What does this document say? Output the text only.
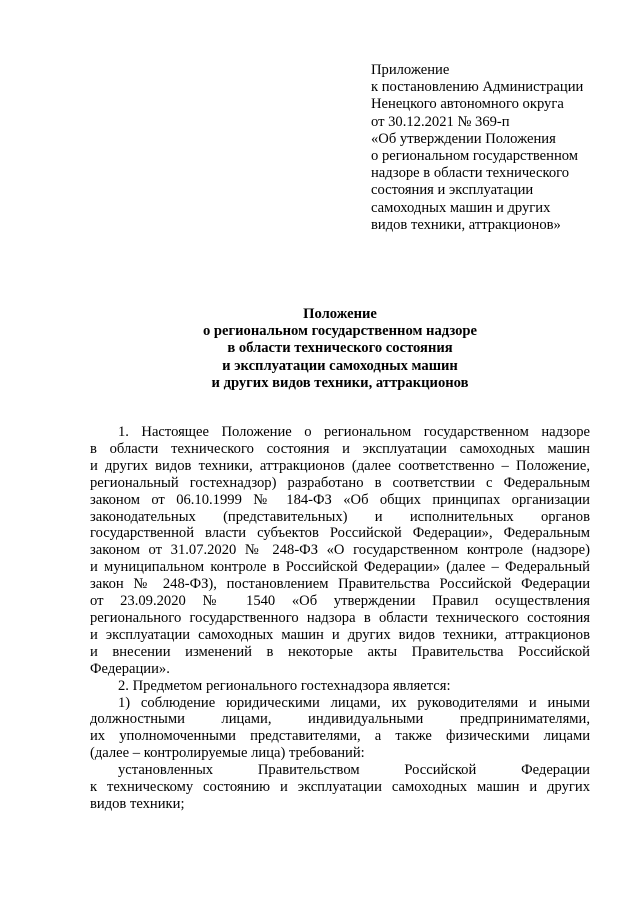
Приложение
к постановлению Администрации
Ненецкого автономного округа
от 30.12.2021 № 369-п
«Об утверждении Положения
о региональном государственном
надзоре в области технического
состояния и эксплуатации
самоходных машин и других
видов техники, аттракционов»
Положение
о региональном государственном надзоре
в области технического состояния
и эксплуатации самоходных машин
и других видов техники, аттракционов
1. Настоящее Положение о региональном государственном надзоре
в области технического состояния и эксплуатации самоходных машин
и других видов техники, аттракционов (далее соответственно – Положение,
региональный гостехнадзор) разработано в соответствии с Федеральным
законом от 06.10.1999 № 184-ФЗ «Об общих принципах организации
законодательных (представительных) и исполнительных органов
государственной власти субъектов Российской Федерации», Федеральным
законом от 31.07.2020 № 248-ФЗ «О государственном контроле (надзоре)
и муниципальном контроле в Российской Федерации» (далее – Федеральный
закон № 248-ФЗ), постановлением Правительства Российской Федерации
от 23.09.2020 № 1540 «Об утверждении Правил осуществления
регионального государственного надзора в области технического состояния
и эксплуатации самоходных машин и других видов техники, аттракционов
и внесении изменений в некоторые акты Правительства Российской
Федерации».
2. Предметом регионального гостехнадзора является:
1) соблюдение юридическими лицами, их руководителями и иными
должностными лицами, индивидуальными предпринимателями,
их уполномоченными представителями, а также физическими лицами
(далее – контролируемые лица) требований:
установленных Правительством Российской Федерации
к техническому состоянию и эксплуатации самоходных машин и других
видов техники;
